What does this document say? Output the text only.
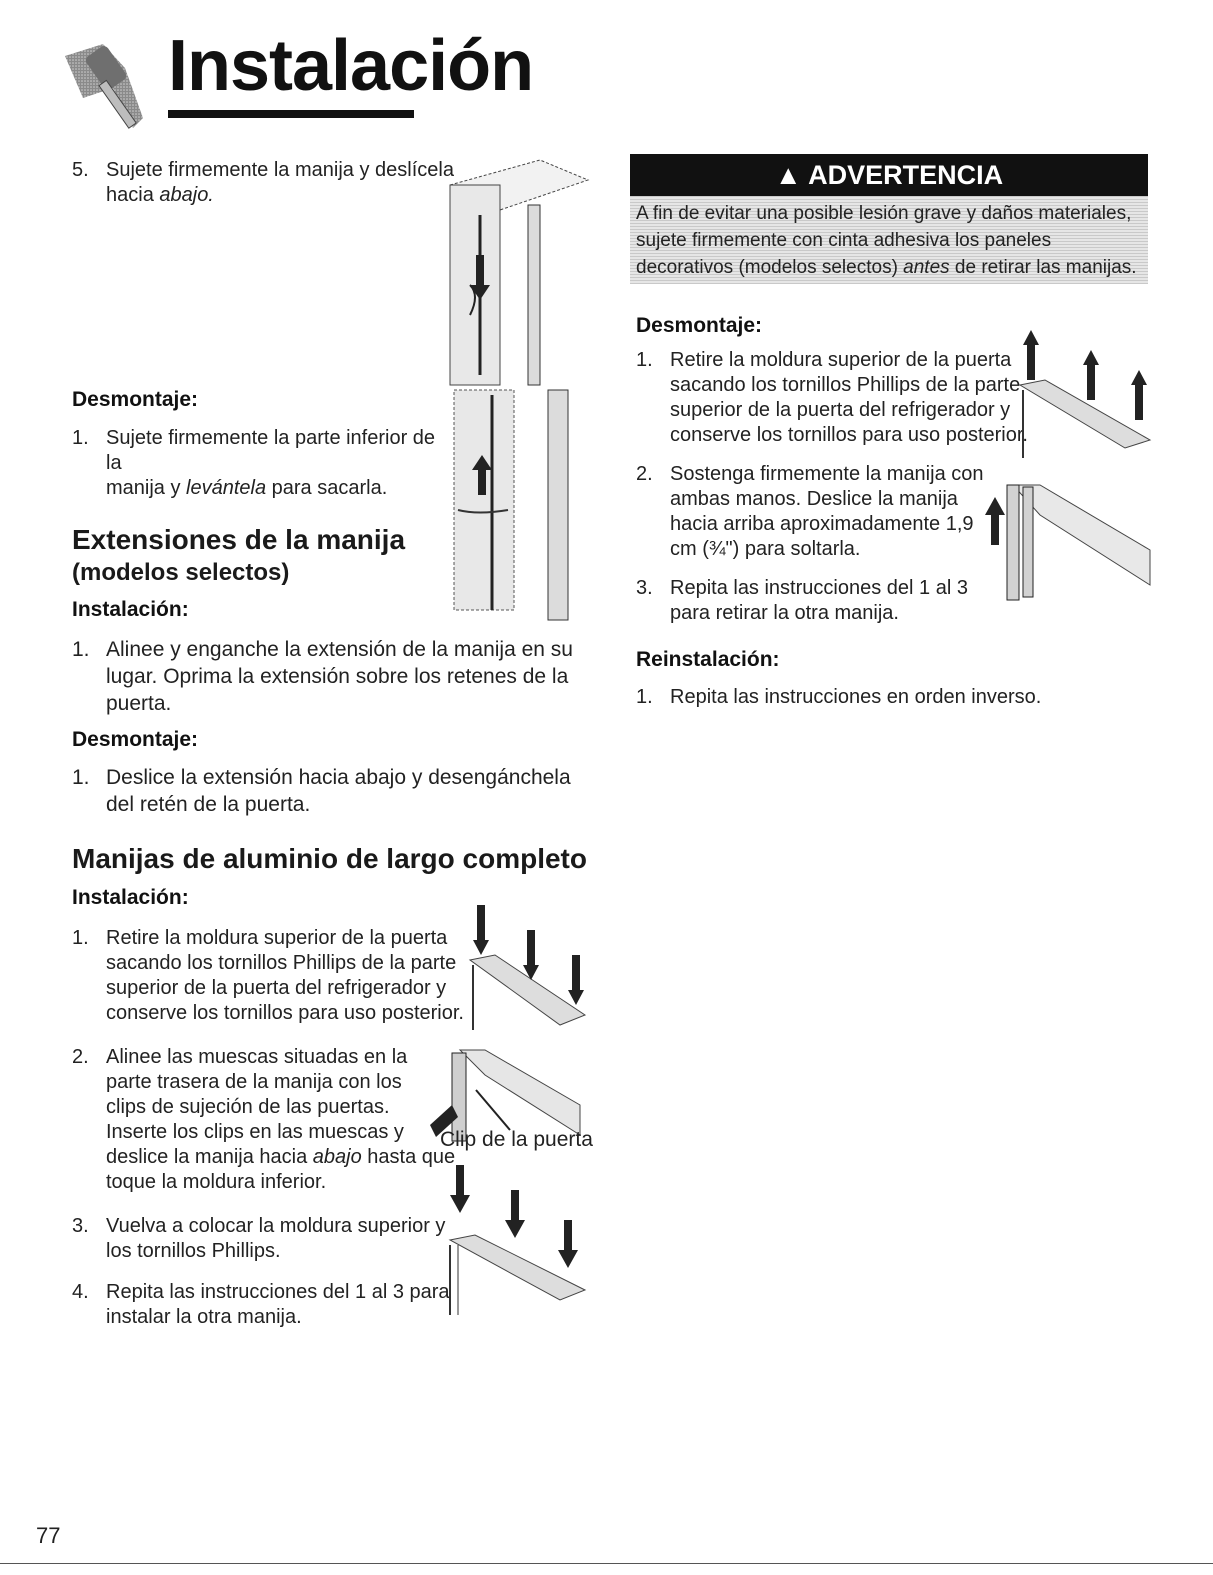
Instalación
5. Sujete firmemente la manija y deslícela
hacia abajo.
Desmontaje:
1. Sujete firmemente la parte inferior de la
manija y levántela para sacarla.
Extensiones de la manija
(modelos selectos)
Instalación:
1. Alinee y enganche la extensión de la manija en su
lugar. Oprima la extensión sobre los retenes de la
puerta.
Desmontaje:
1. Deslice la extensión hacia abajo y desengánchela
del retén de la puerta.
Manijas de aluminio de largo completo
Instalación:
1. Retire la moldura superior de la puerta
sacando los tornillos Phillips de la parte
superior de la puerta del refrigerador y
conserve los tornillos para uso posterior.
2. Alinee las muescas situadas en la
parte trasera de la manija con los
clips de sujeción de las puertas.
Inserte los clips en las muescas y
deslice la manija hacia abajo hasta que
toque la moldura inferior.
3. Vuelva a colocar la moldura superior y
los tornillos Phillips.
4. Repita las instrucciones del 1 al 3 para
instalar la otra manija.
Clip de la puerta
▲ ADVERTENCIA
A fin de evitar una posible lesión grave y daños materiales,
sujete firmemente con cinta adhesiva los paneles
decorativos (modelos selectos) antes de retirar las manijas.
Desmontaje:
1. Retire la moldura superior de la puerta
sacando los tornillos Phillips de la parte
superior de la puerta del refrigerador y
conserve los tornillos para uso posterior.
2. Sostenga firmemente la manija con
ambas manos. Deslice la manija
hacia arriba aproximadamente 1,9
cm (¾") para soltarla.
3. Repita las instrucciones del 1 al 3
para retirar la otra manija.
Reinstalación:
1. Repita las instrucciones en orden inverso.
77
